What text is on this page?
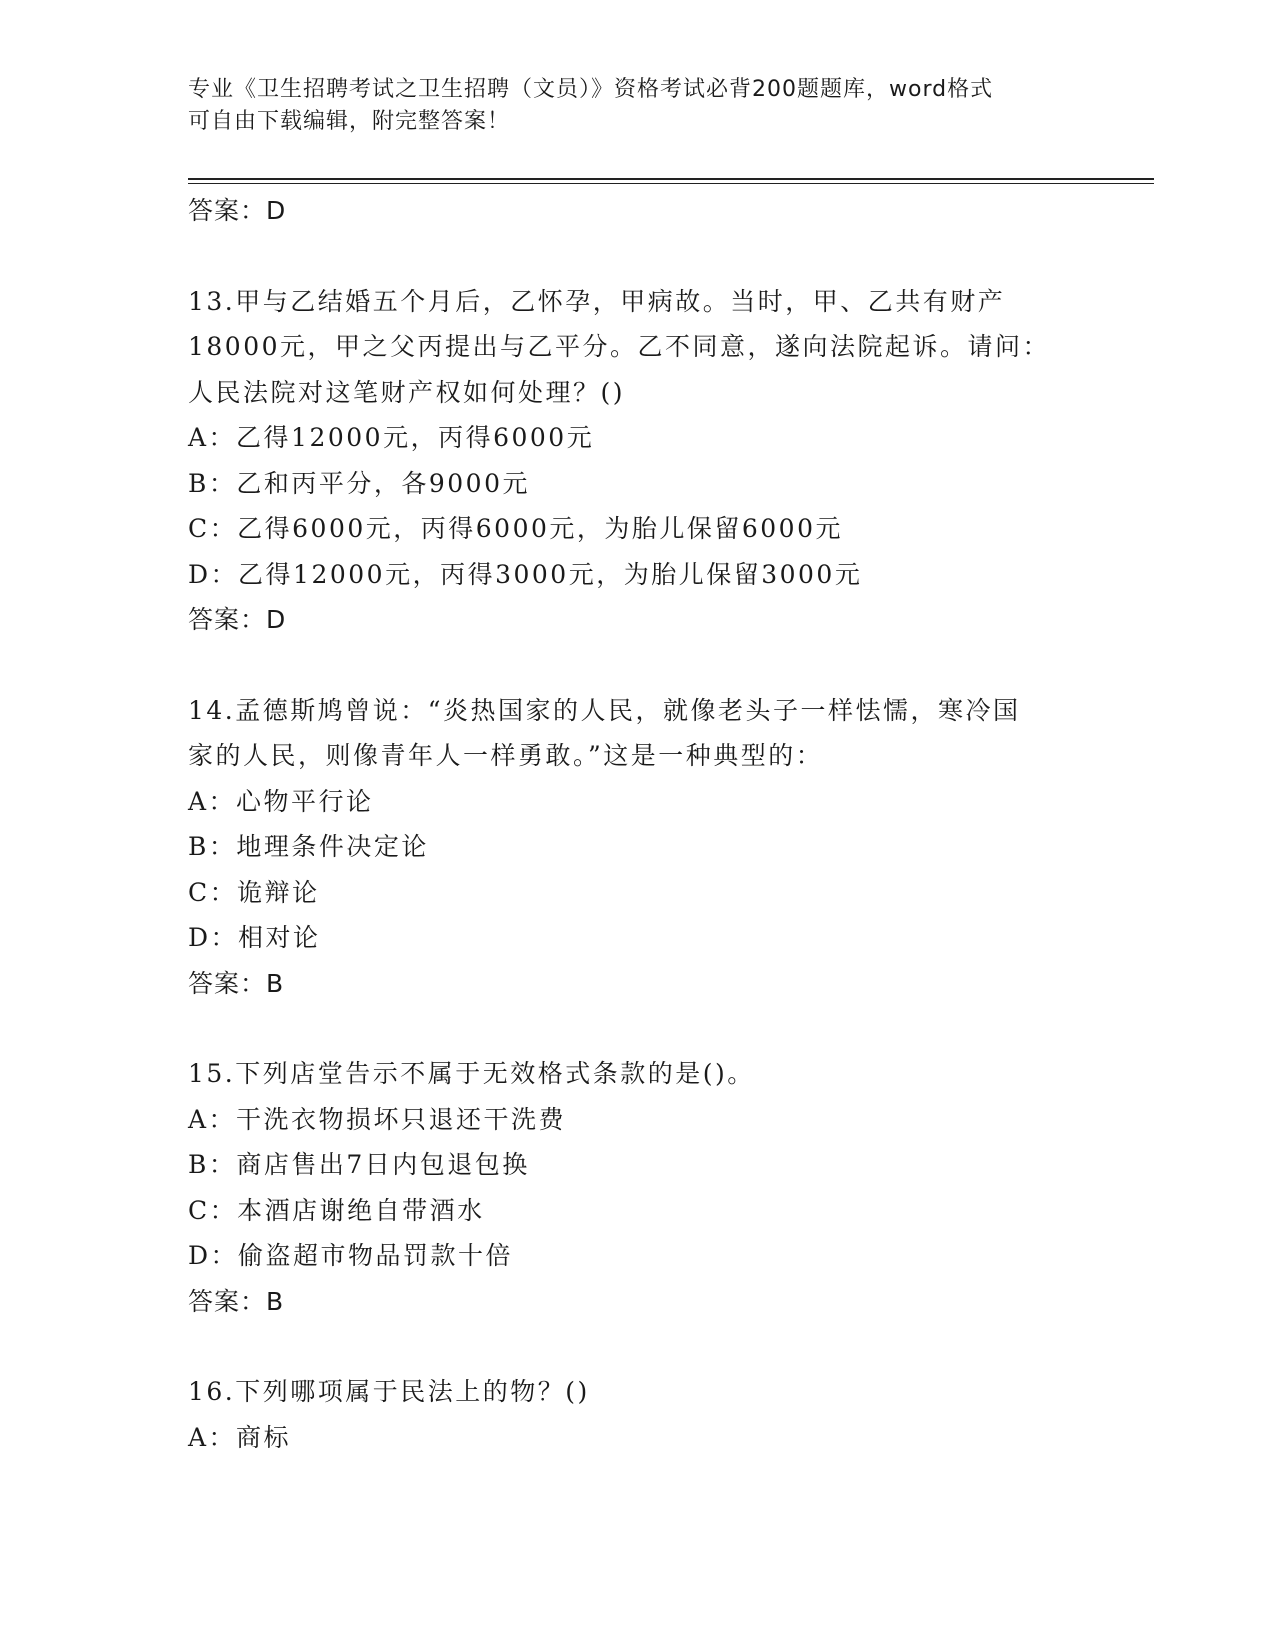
专业《卫生招聘考试之卫生招聘（文员）》资格考试必背200题题库，word格式
可自由下载编辑，附完整答案！
答案：D
13.甲与乙结婚五个月后，乙怀孕，甲病故。当时，甲、乙共有财产
18000元，甲之父丙提出与乙平分。乙不同意，遂向法院起诉。请问：
人民法院对这笔财产权如何处理？()
A：乙得12000元，丙得6000元
B：乙和丙平分，各9000元
C：乙得6000元，丙得6000元，为胎儿保留6000元
D：乙得12000元，丙得3000元，为胎儿保留3000元
答案：D
14.孟德斯鸠曾说：“炎热国家的人民，就像老头子一样怯懦，寒冷国
家的人民，则像青年人一样勇敢。”这是一种典型的：
A：心物平行论
B：地理条件决定论
C：诡辩论
D：相对论
答案：B
15.下列店堂告示不属于无效格式条款的是()。
A：干洗衣物损坏只退还干洗费
B：商店售出7日内包退包换
C：本酒店谢绝自带酒水
D：偷盗超市物品罚款十倍
答案：B
16.下列哪项属于民法上的物？()
A：商标
